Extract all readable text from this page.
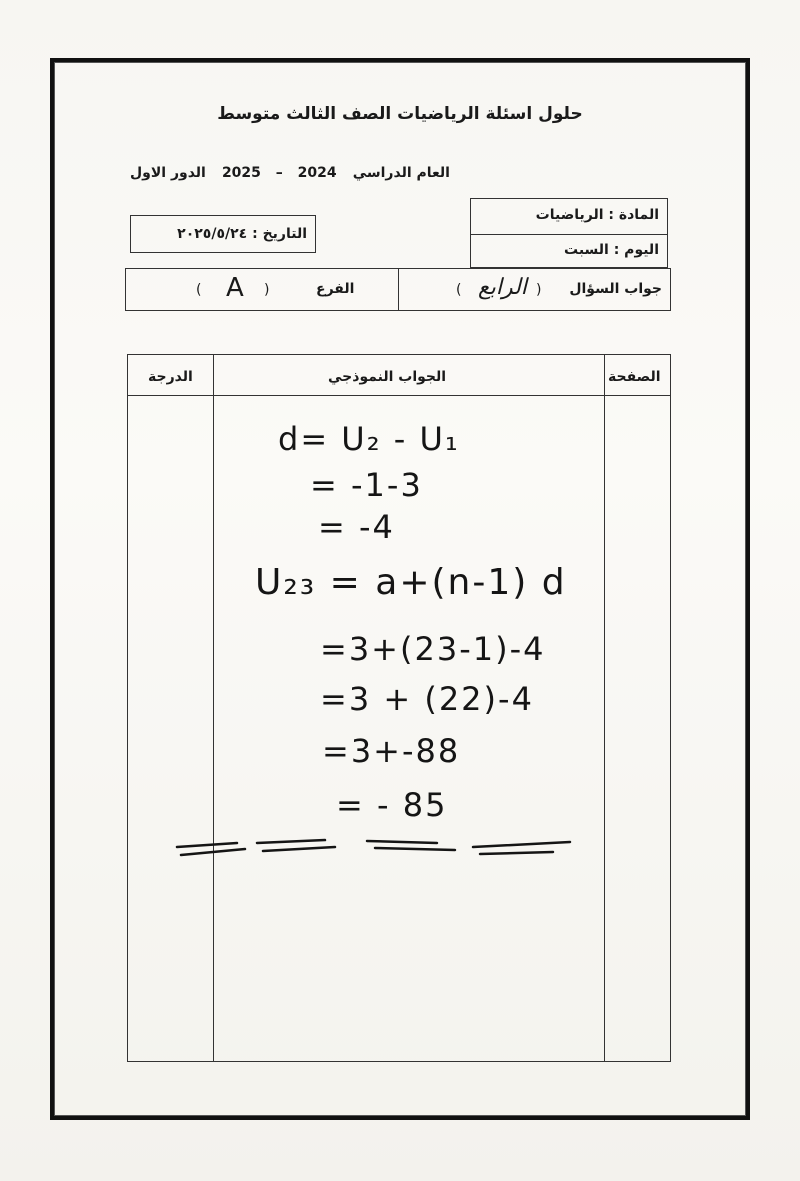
حلول اسئلة الرياضيات الصف الثالث متوسط
العام الدراسي
2025 – 2024
الدور الاول
التاريخ : ٢٠٢٥/٥/٢٤
المادة : الرياضيات
اليوم : السبت
( A )	الفرع	( الرابع ) جواب السؤال
الدرجة	الجواب النموذجي	الصفحة
d= U₂ - U₁
= -1-3
= -4
U₂₃ = a+(n-1) d
=3+(23-1)-4
=3 + (22)-4
=3+-88
= - 85
